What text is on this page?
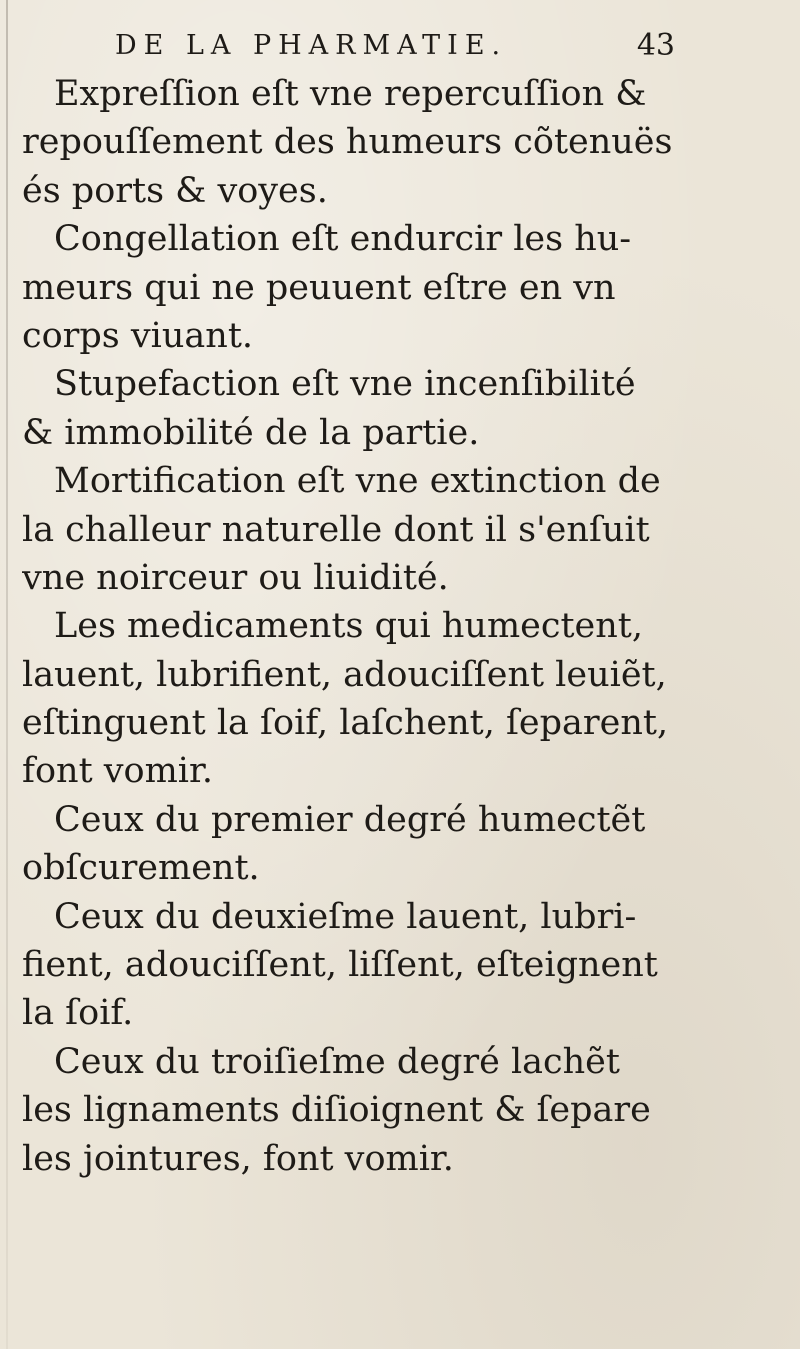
DE LA PHARMATIE.	43
Expreſſion eſt vne repercuſſion &
repouſſement des humeurs cõtenuës
és ports & voyes.
Congellation eſt endurcir les hu-
meurs qui ne peuuent eſtre en vn
corps viuant.
Stupefaction eſt vne incenſibilité
& immobilité de la partie.
Mortification eſt vne extinction de
la challeur naturelle dont il s'enſuit
vne noirceur ou liuidité.
Les medicaments qui humectent,
lauent, lubrifient, adouciſſent leuiẽt,
eſtinguent la ſoif, laſchent, ſeparent,
font vomir.
Ceux du premier degré humectẽt
obſcurement.
Ceux du deuxieſme lauent, lubri-
fient, adouciſſent, liſſent, eſteignent
la ſoif.
Ceux du troiſieſme degré lachẽt
les lignaments diſioignent & ſepare
les jointures, font vomir.
